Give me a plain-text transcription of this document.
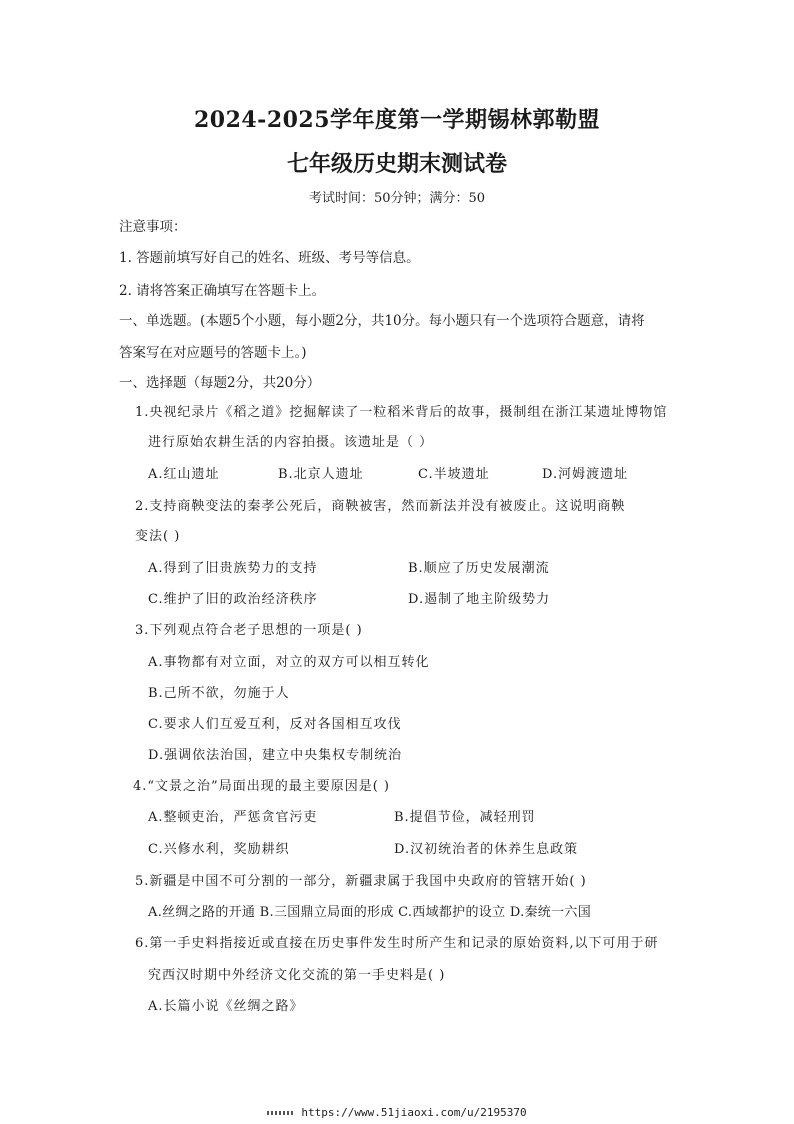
2024-2025学年度第一学期锡林郭勒盟
七年级历史期末测试卷
考试时间：50分钟；满分：50
注意事项：
1. 答题前填写好自己的姓名、班级、考号等信息。
2. 请将答案正确填写在答题卡上。
一、单选题。(本题5个小题，每小题2分，共10分。每小题只有一个选项符合题意，请将
答案写在对应题号的答题卡上。)
一、选择题（每题2分，共20分）
1.央视纪录片《稻之道》挖掘解读了一粒稻米背后的故事，摄制组在浙江某遗址博物馆
进行原始农耕生活的内容拍摄。该遗址是（ ）
A.红山遗址	B.北京人遗址	C.半坡遗址	D.河姆渡遗址
2.支持商鞅变法的秦孝公死后，商鞅被害，然而新法并没有被废止。这说明商鞅
变法( )
A.得到了旧贵族势力的支持	B.顺应了历史发展潮流
C.维护了旧的政治经济秩序	D.遏制了地主阶级势力
3.下列观点符合老子思想的一项是( )
A.事物都有对立面，对立的双方可以相互转化
B.己所不欲，勿施于人
C.要求人们互爱互利，反对各国相互攻伐
D.强调依法治国，建立中央集权专制统治
4.“文景之治”局面出现的最主要原因是( )
A.整顿吏治，严惩贪官污吏	B.提倡节俭，减轻刑罚
C.兴修水利，奖励耕织	D.汉初统治者的休养生息政策
5.新疆是中国不可分割的一部分，新疆隶属于我国中央政府的管辖开始( )
A.丝绸之路的开通 B.三国鼎立局面的形成 C.西域都护的设立 D.秦统一六国
6.第一手史料指接近或直接在历史事件发生时所产生和记录的原始资料,以下可用于研
究西汉时期中外经济文化交流的第一手史料是( )
A.长篇小说《丝绸之路》
https://www.51jiaoxi.com/u/2195370
